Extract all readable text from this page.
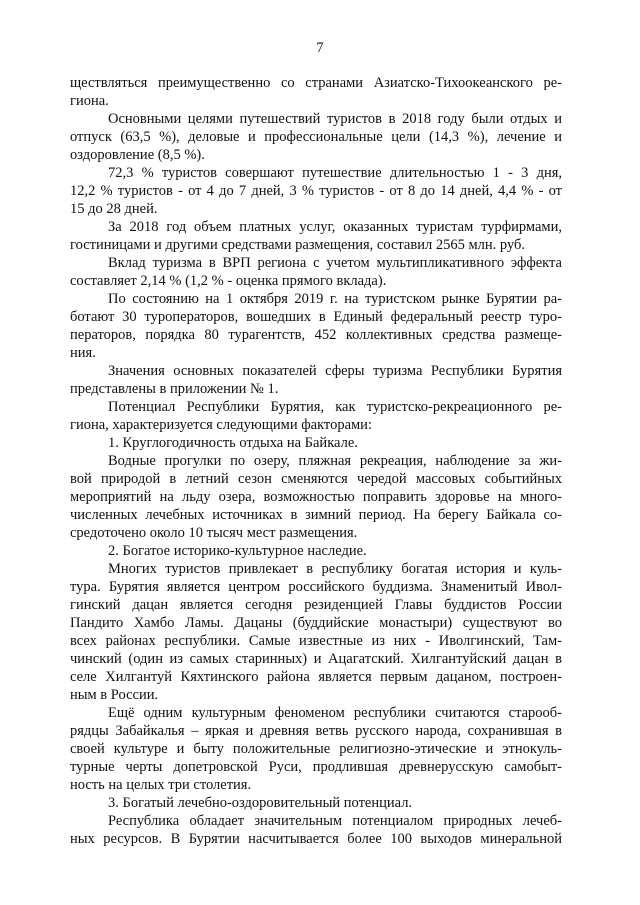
7
ществляться преимущественно со странами Азиатско-Тихоокеанского ре-
гиона.
Основными целями путешествий туристов в 2018 году были отдых и
отпуск (63,5 %), деловые и профессиональные цели (14,3 %), лечение и
оздоровление (8,5 %).
72,3 % туристов совершают путешествие длительностью 1 - 3 дня,
12,2 % туристов - от 4 до 7 дней, 3 % туристов - от 8 до 14 дней, 4,4 % - от
15 до 28 дней.
За 2018 год объем платных услуг, оказанных туристам турфирмами,
гостиницами и другими средствами размещения, составил 2565 млн. руб.
Вклад туризма в ВРП региона с учетом мультипликативного эффекта
составляет 2,14 % (1,2 % - оценка прямого вклада).
По состоянию на 1 октября 2019 г. на туристском рынке Бурятии ра-
ботают 30 туроператоров, вошедших в Единый федеральный реестр туро-
ператоров, порядка 80 турагентств, 452 коллективных средства размеще-
ния.
Значения основных показателей сферы туризма Республики Бурятия
представлены в приложении № 1.
Потенциал Республики Бурятия, как туристско-рекреационного ре-
гиона, характеризуется следующими факторами:
1. Круглогодичность отдыха на Байкале.
Водные прогулки по озеру, пляжная рекреация, наблюдение за жи-
вой природой в летний сезон сменяются чередой массовых событийных
мероприятий на льду озера, возможностью поправить здоровье на много-
численных лечебных источниках в зимний период. На берегу Байкала со-
средоточено около 10 тысяч мест размещения.
2. Богатое историко-культурное наследие.
Многих туристов привлекает в республику богатая история и куль-
тура. Бурятия является центром российского буддизма. Знаменитый Ивол-
гинский дацан является сегодня резиденцией Главы буддистов России
Пандито Хамбо Ламы. Дацаны (буддийские монастыри) существуют во
всех районах республики. Самые известные из них - Иволгинский, Там-
чинский (один из самых старинных) и Ацагатский. Хилгантуйский дацан в
селе Хилгантуй Кяхтинского района является первым дацаном, построен-
ным в России.
Ещё одним культурным феноменом республики считаются старооб-
рядцы Забайкалья – яркая и древняя ветвь русского народа, сохранившая в
своей культуре и быту положительные религиозно-этические и этнокуль-
турные черты допетровской Руси, продлившая древнерусскую самобыт-
ность на целых три столетия.
3. Богатый лечебно-оздоровительный потенциал.
Республика обладает значительным потенциалом природных лечеб-
ных ресурсов. В Бурятии насчитывается более 100 выходов минеральной
